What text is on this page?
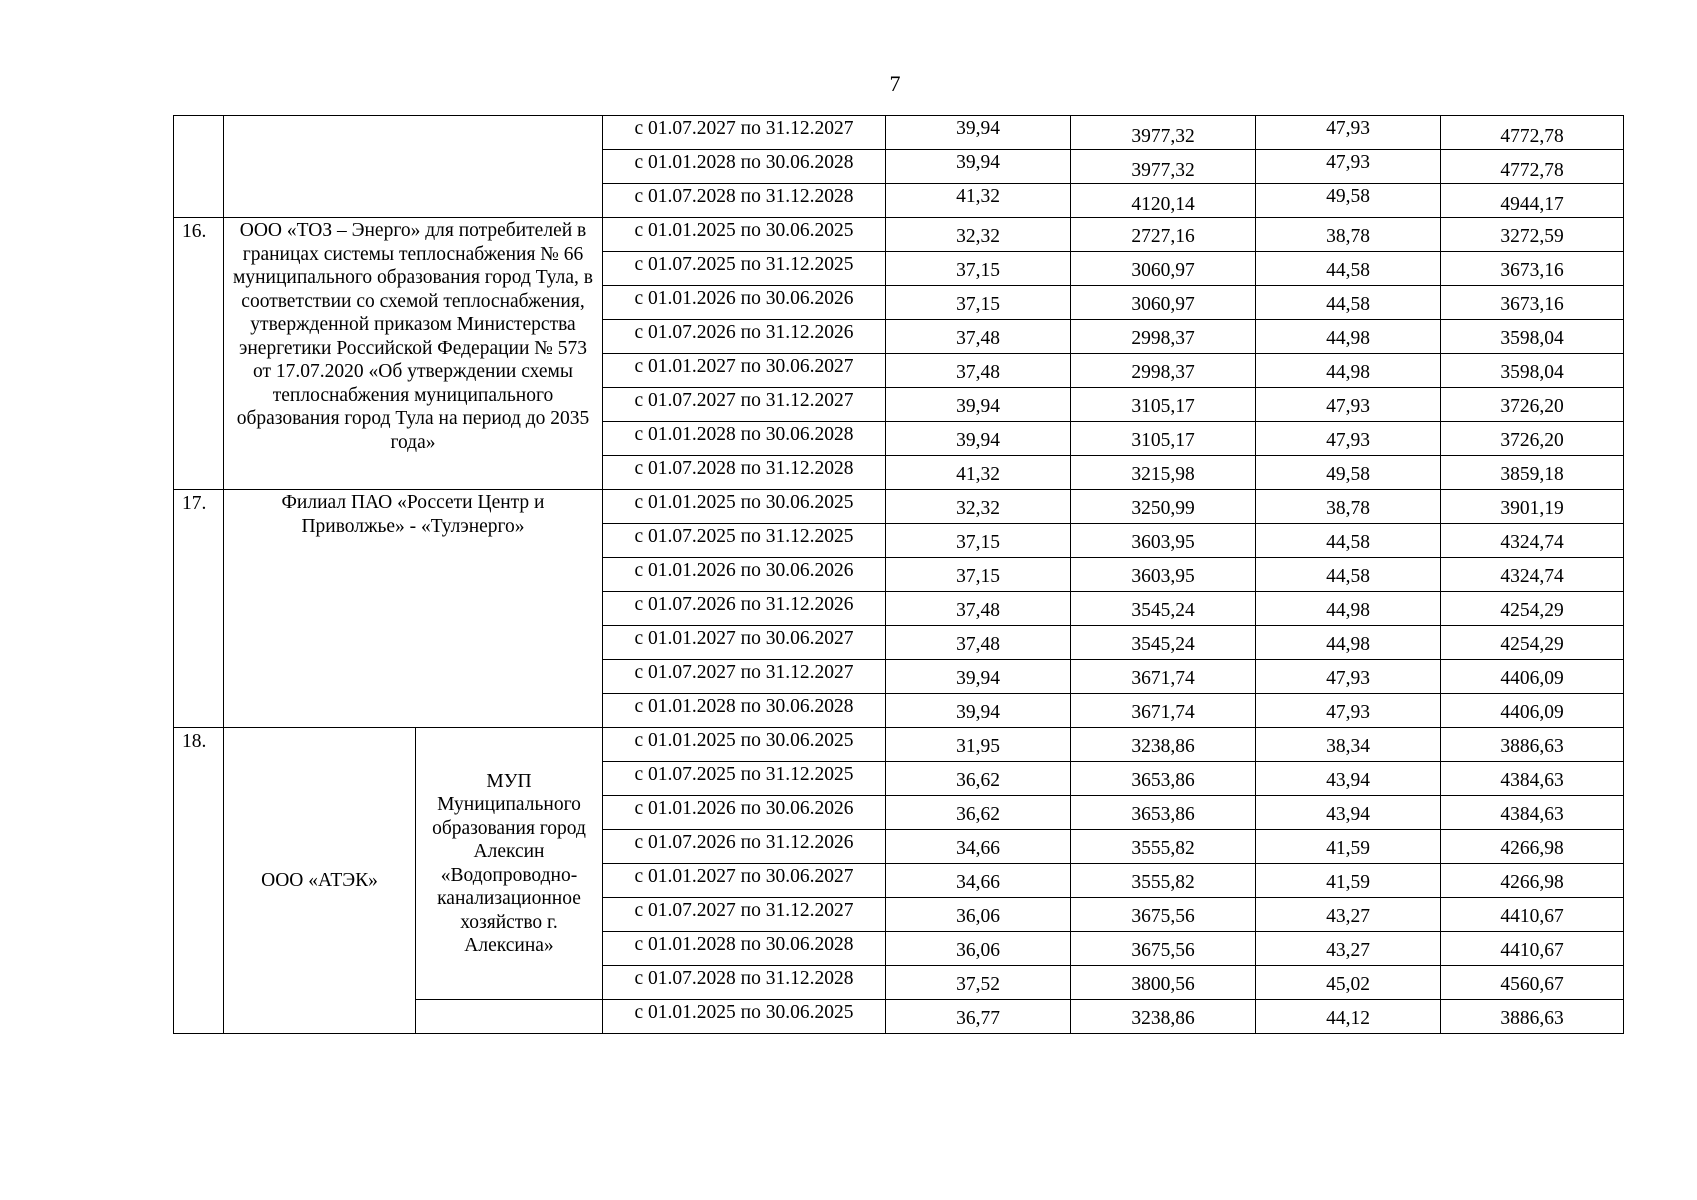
7
			с 01.07.2027 по 31.12.2027	39,94	3977,32	47,93	4772,78
			с 01.01.2028 по 30.06.2028	39,94	3977,32	47,93	4772,78
			с 01.07.2028 по 31.12.2028	41,32	4120,14	49,58	4944,17
16.	ООО «ТОЗ – Энерго» для потребителей в границах системы теплоснабжения № 66 муниципального образования город Тула, в соответствии со схемой теплоснабжения, утвержденной приказом Министерства энергетики Российской Федерации № 573 от 17.07.2020 «Об утверждении схемы теплоснабжения муниципального образования город Тула на период до 2035 года»		с 01.01.2025 по 30.06.2025	32,32	2727,16	38,78	3272,59
			с 01.07.2025 по 31.12.2025	37,15	3060,97	44,58	3673,16
			с 01.01.2026 по 30.06.2026	37,15	3060,97	44,58	3673,16
			с 01.07.2026 по 31.12.2026	37,48	2998,37	44,98	3598,04
			с 01.01.2027 по 30.06.2027	37,48	2998,37	44,98	3598,04
			с 01.07.2027 по 31.12.2027	39,94	3105,17	47,93	3726,20
			с 01.01.2028 по 30.06.2028	39,94	3105,17	47,93	3726,20
			с 01.07.2028 по 31.12.2028	41,32	3215,98	49,58	3859,18
17.	Филиал ПАО «Россети Центр и Приволжье» - «Тулэнерго»		с 01.01.2025 по 30.06.2025	32,32	3250,99	38,78	3901,19
			с 01.07.2025 по 31.12.2025	37,15	3603,95	44,58	4324,74
			с 01.01.2026 по 30.06.2026	37,15	3603,95	44,58	4324,74
			с 01.07.2026 по 31.12.2026	37,48	3545,24	44,98	4254,29
			с 01.01.2027 по 30.06.2027	37,48	3545,24	44,98	4254,29
			с 01.07.2027 по 31.12.2027	39,94	3671,74	47,93	4406,09
			с 01.01.2028 по 30.06.2028	39,94	3671,74	47,93	4406,09
18.	ООО «АТЭК»	МУП Муниципального образования город Алексин «Водопроводно-канализационное хозяйство г. Алексина»	с 01.01.2025 по 30.06.2025	31,95	3238,86	38,34	3886,63
			с 01.07.2025 по 31.12.2025	36,62	3653,86	43,94	4384,63
			с 01.01.2026 по 30.06.2026	36,62	3653,86	43,94	4384,63
			с 01.07.2026 по 31.12.2026	34,66	3555,82	41,59	4266,98
			с 01.01.2027 по 30.06.2027	34,66	3555,82	41,59	4266,98
			с 01.07.2027 по 31.12.2027	36,06	3675,56	43,27	4410,67
			с 01.01.2028 по 30.06.2028	36,06	3675,56	43,27	4410,67
			с 01.07.2028 по 31.12.2028	37,52	3800,56	45,02	4560,67
			с 01.01.2025 по 30.06.2025	36,77	3238,86	44,12	3886,63
